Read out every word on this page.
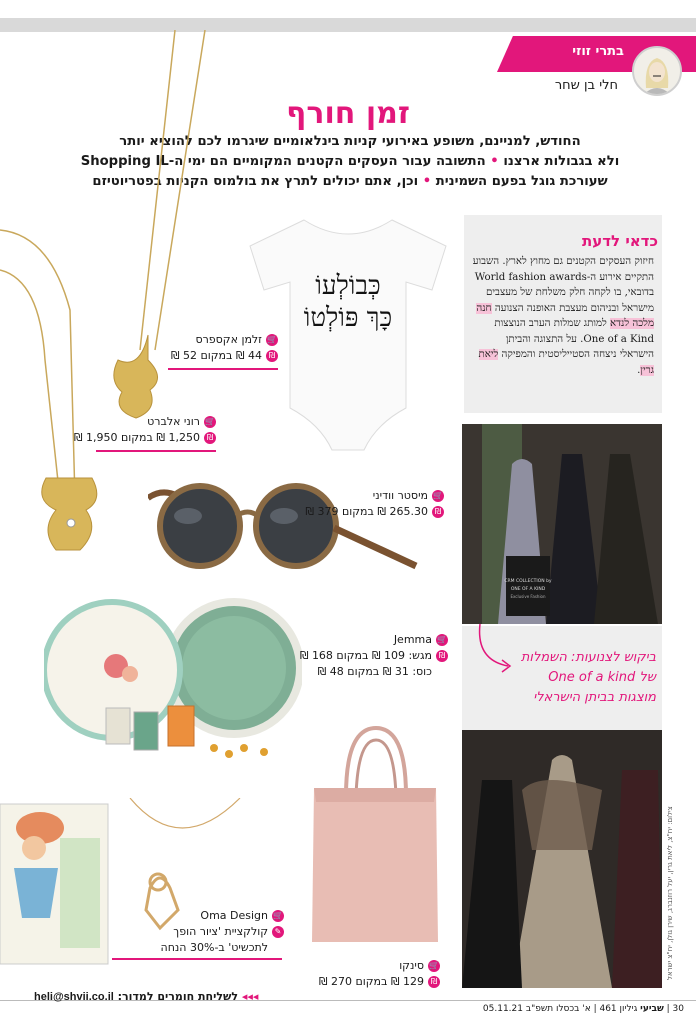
בתרי זוזי
חלי בן שחר
זמן חורף
החודש, למניינם, משופע באירועי קניות בינלאומיים שיגרמו לכם להוציא יותר
ולא בגבולות ארצנו • התשובה עבור העסקים הקטנים המקומיים הם ימי ה-Shopping IL
שעורכת גוגל בפעם השמינית • וכן, אתם יכולים לתרץ את בולמוס הקניות בפטריוטיזם
כְּבוֹלְעוֹ
כָּךְ פּוֹלְטוֹ
🛒
זלמן אקספרס
₪
44 ₪ במקום 52 ₪
🛒
רוני אלברט
₪
1,250 ₪ במקום 1,950 ₪
🛒
מיסטר וודיני
₪
265.30 ₪ במקום 379 ₪
🛒
Jemma
₪
מגש: 109 ₪ במקום 168 ₪
כוס: 31 ₪ במקום 48 ₪
🛒
Oma Design
✎
קולקציית 'ציור הופך
לתכשיט' ב-30% הנחה
🛒
סינקו
₪
129 ₪ במקום 270 ₪
כדאי לדעת
חיזוק העסקים הקטנים גם מחוץ לארץ. השבוע התקיים אירוע ה-World fashion awards בדובאי, בו לקחה חלק משלחת של מעצבים מישראל ובניהום מעצבת האופנה הצנועה חנה מלכה לנדא למותג שמלות הערב הנוצצות One of a Kind. על התצוגה והביתן הישראלי ניצחה הסטייליסטית והמפיקה ליאת גרין.
CRM COLLECTION by
ONE OF A KIND
Exclusive Fashion
ביקוש לצנועות: השמלות
של One of a kind
מוצגות בביתן הישראלי
צילום: יח"צ, ליאת גרין, יעל רוזנברג, שירן גולן, יח"צ ישראל
◂◂◂ לשליחת חומרים למדור: heli@shvii.co.il
30 | שביעי גיליון 461 | א' בכסלו תשפ"ב 05.11.21
